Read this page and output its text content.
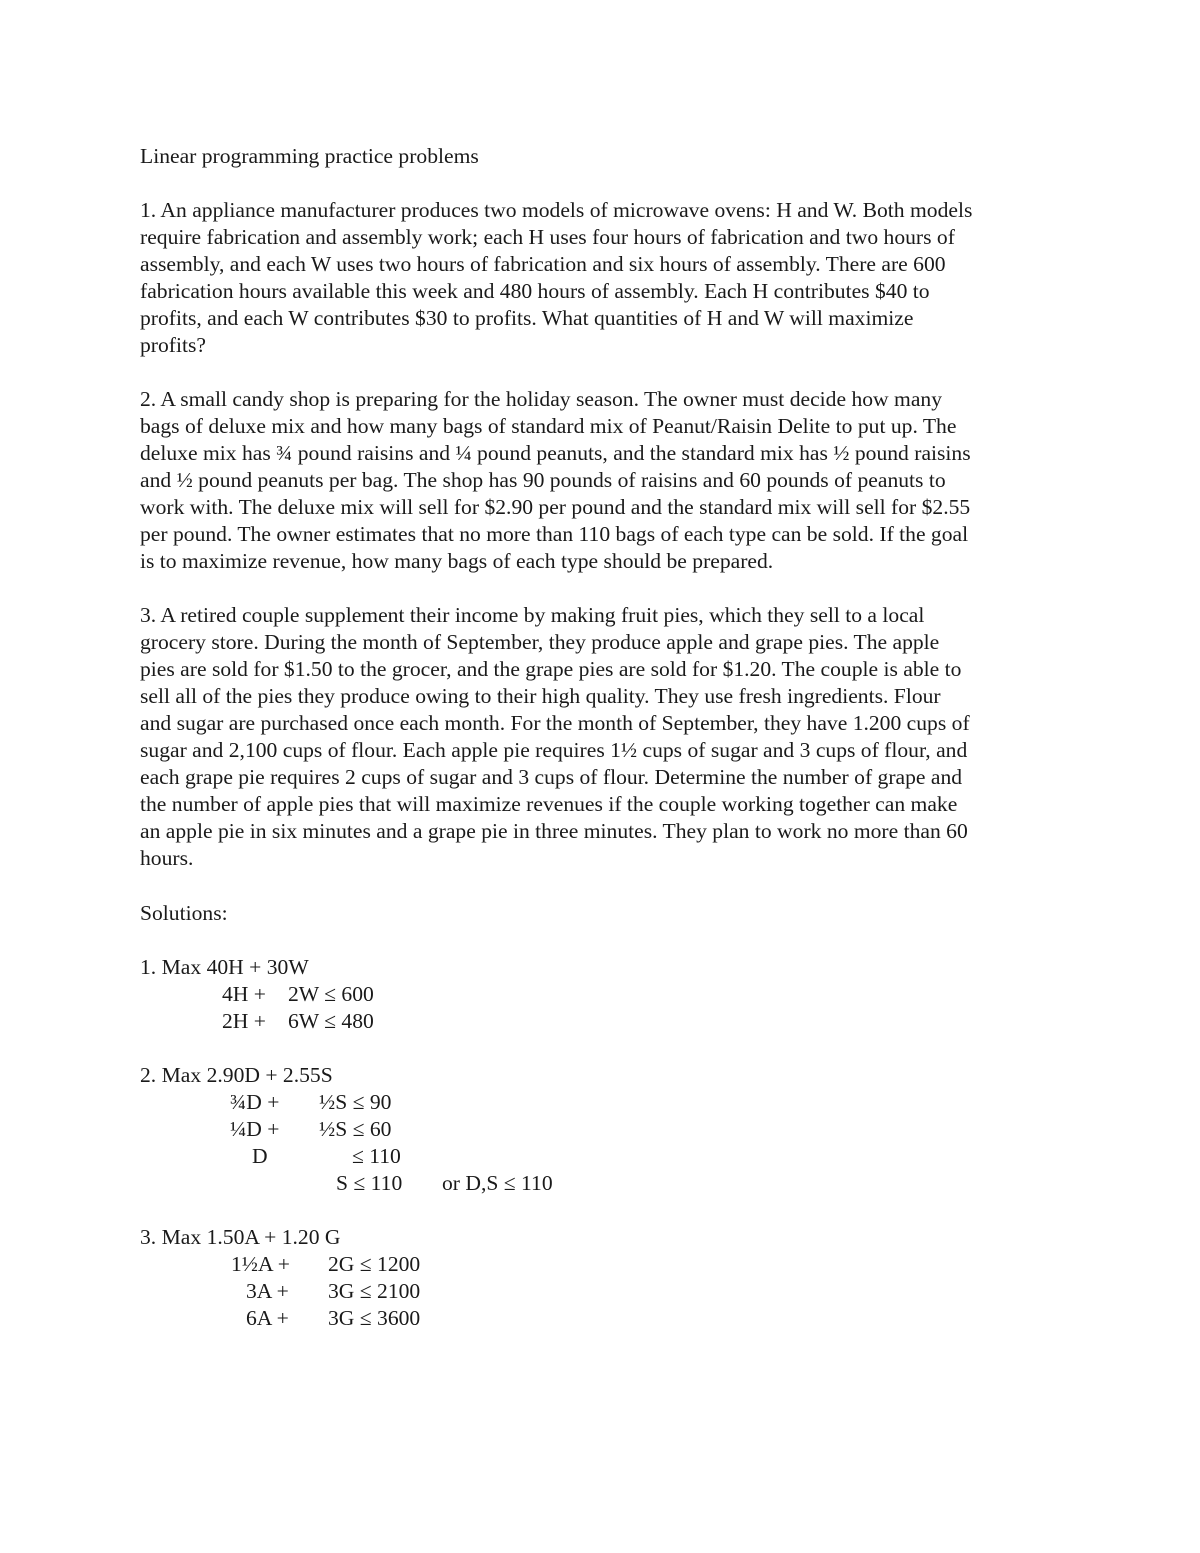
Linear programming practice problems
1. An appliance manufacturer produces two models of microwave ovens: H and W. Both models
require fabrication and assembly work; each H uses four hours of fabrication and two hours of
assembly, and each W uses two hours of fabrication and six hours of assembly. There are 600
fabrication hours available this week and 480 hours of assembly. Each H contributes $40 to
profits, and each W contributes $30 to profits. What quantities of H and W will maximize
profits?
2. A small candy shop is preparing for the holiday season. The owner must decide how many
bags of deluxe mix and how many bags of standard mix of Peanut/Raisin Delite to put up. The
deluxe mix has ¾ pound raisins and ¼ pound peanuts, and the standard mix has ½ pound raisins
and ½ pound peanuts per bag. The shop has 90 pounds of raisins and 60 pounds of peanuts to
work with. The deluxe mix will sell for $2.90 per pound and the standard mix will sell for $2.55
per pound. The owner estimates that no more than 110 bags of each type can be sold. If the goal
is to maximize revenue, how many bags of each type should be prepared.
3. A retired couple supplement their income by making fruit pies, which they sell to a local
grocery store. During the month of September, they produce apple and grape pies. The apple
pies are sold for $1.50 to the grocer, and the grape pies are sold for $1.20. The couple is able to
sell all of the pies they produce owing to their high quality. They use fresh ingredients. Flour
and sugar are purchased once each month. For the month of September, they have 1.200 cups of
sugar and 2,100 cups of flour. Each apple pie requires 1½ cups of sugar and 3 cups of flour, and
each grape pie requires 2 cups of sugar and 3 cups of flour. Determine the number of grape and
the number of apple pies that will maximize revenues if the couple working together can make
an apple pie in six minutes and a grape pie in three minutes. They plan to work no more than 60
hours.
Solutions:
1. Max 40H + 30W
4H + 2W ≤ 600
2H + 6W ≤ 480
2. Max 2.90D + 2.55S
¾D + ½S ≤ 90
¼D + ½S ≤ 60
D	≤ 110
S ≤ 110 or D,S ≤ 110
3. Max 1.50A + 1.20 G
1½A + 2G ≤ 1200
3A + 3G ≤ 2100
6A + 3G ≤ 3600
